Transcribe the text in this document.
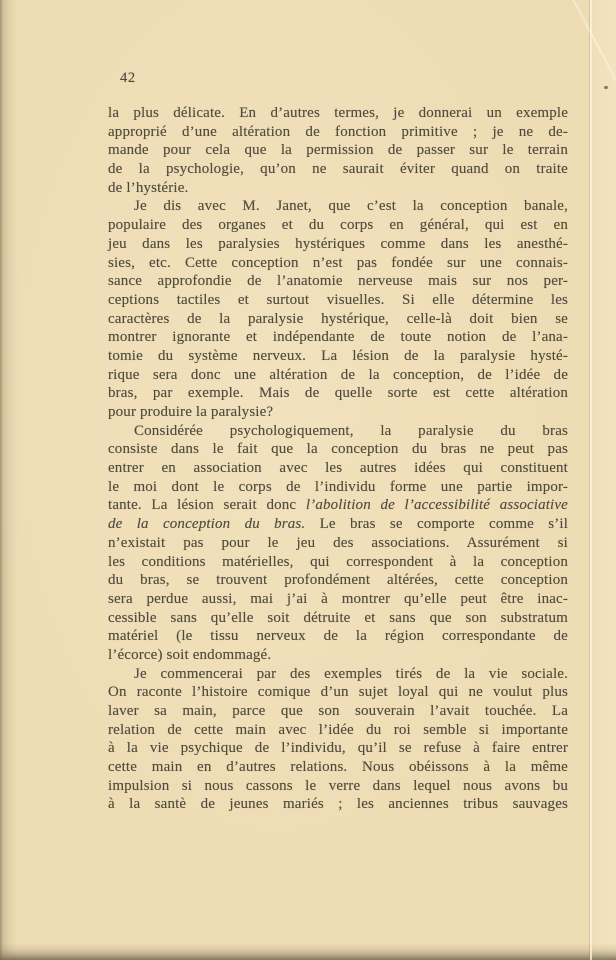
42
la plus délicate. En d’autres termes, je donnerai un exemple
approprié d’une altération de fonction primitive ; je ne de-
mande pour cela que la permission de passer sur le terrain
de la psychologie, qu’on ne saurait éviter quand on traite
de l’hystérie.
Je dis avec M. Janet, que c’est la conception banale,
populaire des organes et du corps en général, qui est en
jeu dans les paralysies hystériques comme dans les anesthé-
sies, etc. Cette conception n’est pas fondée sur une connais-
sance approfondie de l’anatomie nerveuse mais sur nos per-
ceptions tactiles et surtout visuelles. Si elle détermine les
caractères de la paralysie hystérique, celle-là doit bien se
montrer ignorante et indépendante de toute notion de l’ana-
tomie du système nerveux. La lésion de la paralysie hysté-
rique sera donc une altération de la conception, de l’idée de
bras, par exemple. Mais de quelle sorte est cette altération
pour produire la paralysie?
Considérée psychologiquement, la paralysie du bras
consiste dans le fait que la conception du bras ne peut pas
entrer en association avec les autres idées qui constituent
le moi dont le corps de l’individu forme une partie impor-
tante. La lésion serait donc l’abolition de l’accessibilité associative
de la conception du bras. Le bras se comporte comme s’il
n’existait pas pour le jeu des associations. Assurément si
les conditions matérielles, qui correspondent à la conception
du bras, se trouvent profondément altérées, cette conception
sera perdue aussi, mai j’ai à montrer qu’elle peut être inac-
cessible sans qu’elle soit détruite et sans que son substratum
matériel (le tissu nerveux de la région correspondante de
l’écorce) soit endommagé.
Je commencerai par des exemples tirés de la vie sociale.
On raconte l’histoire comique d’un sujet loyal qui ne voulut plus
laver sa main, parce que son souverain l’avait touchée. La
relation de cette main avec l’idée du roi semble si importante
à la vie psychique de l’individu, qu’il se refuse à faire entrer
cette main en d’autres relations. Nous obéissons à la même
impulsion si nous cassons le verre dans lequel nous avons bu
à la santè de jeunes mariés ; les anciennes tribus sauvages
